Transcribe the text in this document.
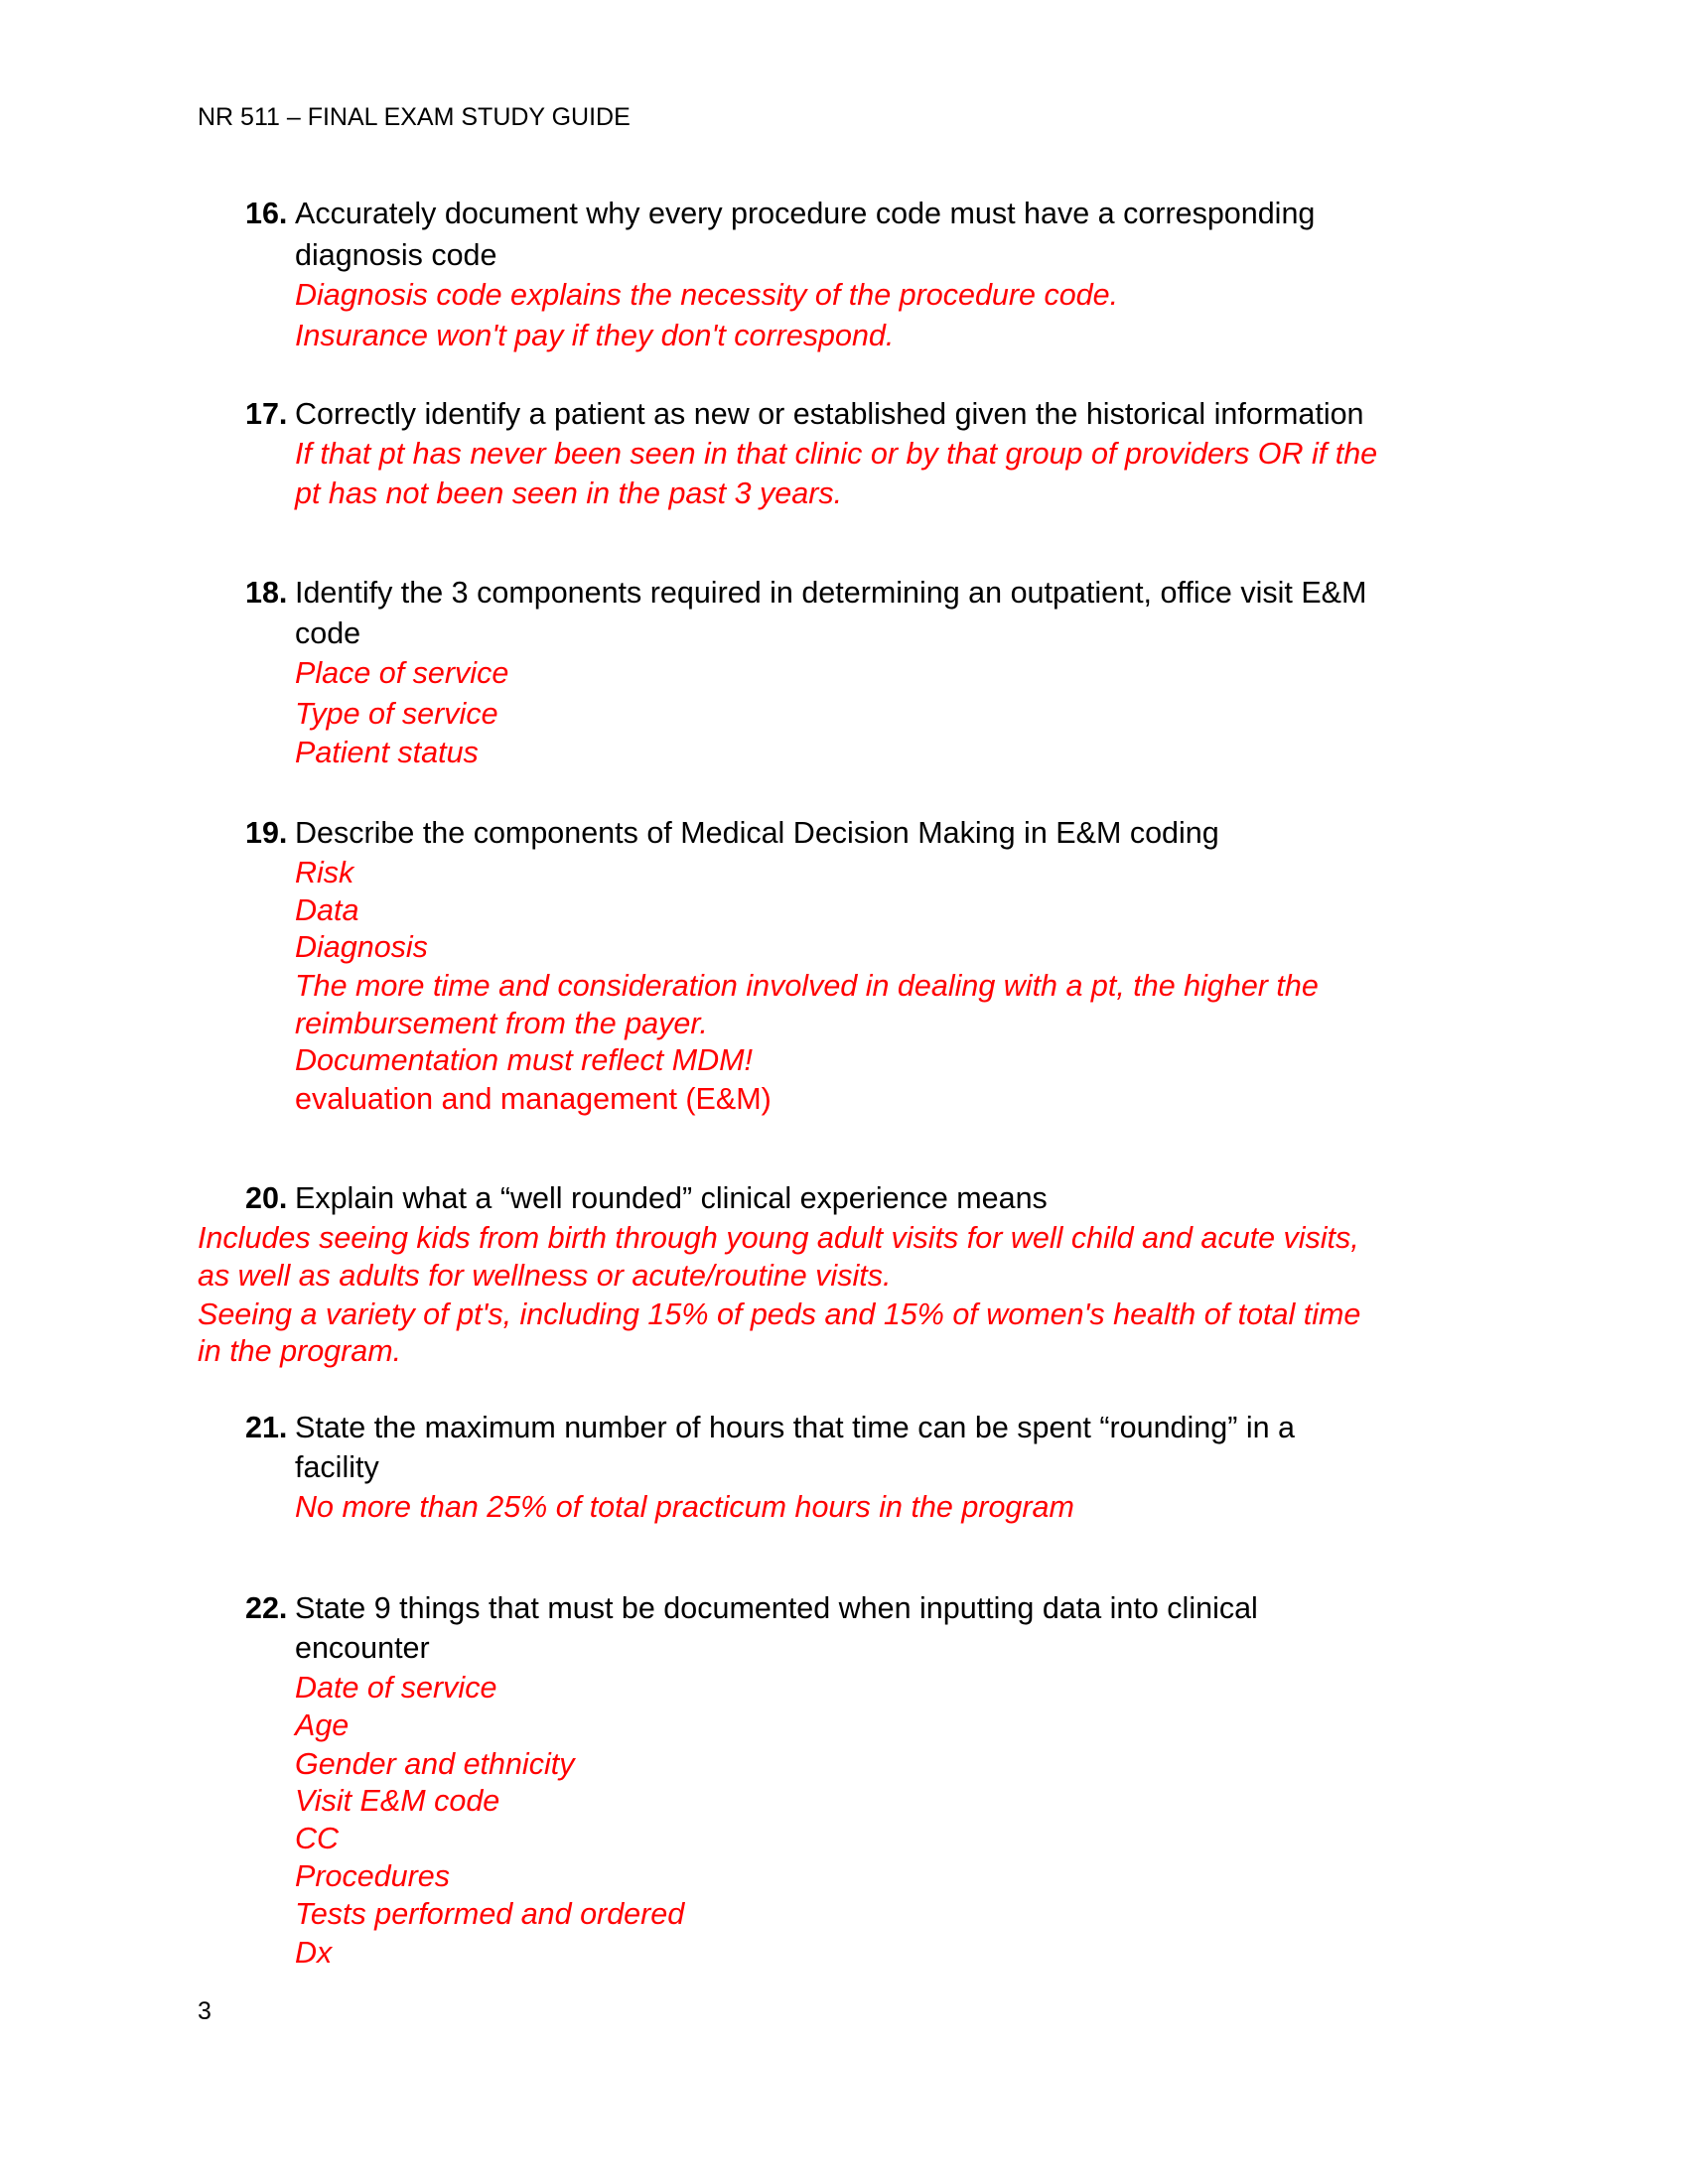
NR 511 – FINAL EXAM STUDY GUIDE
16. Accurately document why every procedure code must have a corresponding
diagnosis code
Diagnosis code explains the necessity of the procedure code.
Insurance won't pay if they don't correspond.
17. Correctly identify a patient as new or established given the historical information
If that pt has never been seen in that clinic or by that group of providers OR if the
pt has not been seen in the past 3 years.
18. Identify the 3 components required in determining an outpatient, office visit E&M
code
Place of service
Type of service
Patient status
19. Describe the components of Medical Decision Making in E&M coding
Risk
Data
Diagnosis
The more time and consideration involved in dealing with a pt, the higher the
reimbursement from the payer.
Documentation must reflect MDM!
evaluation and management (E&M)
20. Explain what a “well rounded” clinical experience means
Includes seeing kids from birth through young adult visits for well child and acute visits,
as well as adults for wellness or acute/routine visits.
Seeing a variety of pt's, including 15% of peds and 15% of women's health of total time
in the program.
21. State the maximum number of hours that time can be spent “rounding” in a
facility
No more than 25% of total practicum hours in the program
22. State 9 things that must be documented when inputting data into clinical
encounter
Date of service
Age
Gender and ethnicity
Visit E&M code
CC
Procedures
Tests performed and ordered
Dx
3
